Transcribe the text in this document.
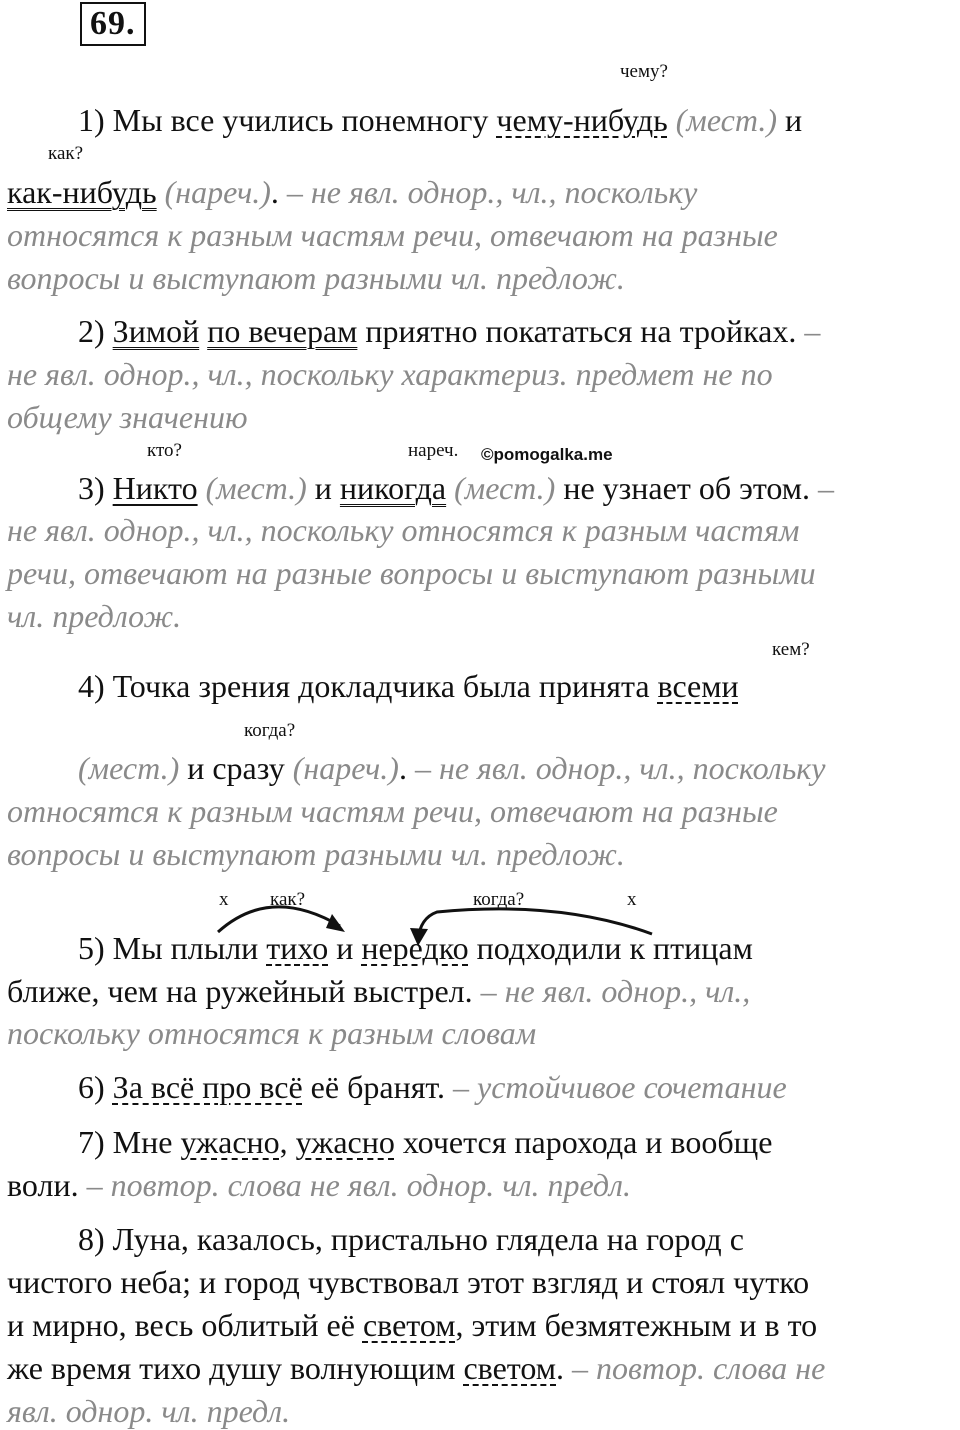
69.
чему?
1) Мы все учились понемногу чему-нибудь (мест.) и
как?
как-нибудь (нареч.). – не явл. однор., чл., поскольку
относятся к разным частям речи, отвечают на разные
вопросы и выступают разными чл. предлож.
2) Зимой по вечерам приятно покататься на тройках. –
не явл. однор., чл., поскольку характериз. предмет не по
общему значению
кто?	нареч. ©pomogalka.me
3) Никто (мест.) и никогда (мест.) не узнает об этом. –
не явл. однор., чл., поскольку относятся к разным частям
речи, отвечают на разные вопросы и выступают разными
чл. предлож.
кем?
4) Точка зрения докладчика была принята всеми
когда?
(мест.) и сразу (нареч.). – не явл. однор., чл., поскольку
относятся к разным частям речи, отвечают на разные
вопросы и выступают разными чл. предлож.
x как?	когда?	x
5) Мы плыли тихо и нередко подходили к птицам
ближе, чем на ружейный выстрел. – не явл. однор., чл.,
поскольку относятся к разным словам
6) За всё про всё её бранят. – устойчивое сочетание
7) Мне ужасно, ужасно хочется парохода и вообще
воли. – повтор. слова не явл. однор. чл. предл.
8) Луна, казалось, пристально глядела на город с
чистого неба; и город чувствовал этот взгляд и стоял чутко
и мирно, весь облитый её светом, этим безмятежным и в то
же время тихо душу волнующим светом. – повтор. слова не
явл. однор. чл. предл.
